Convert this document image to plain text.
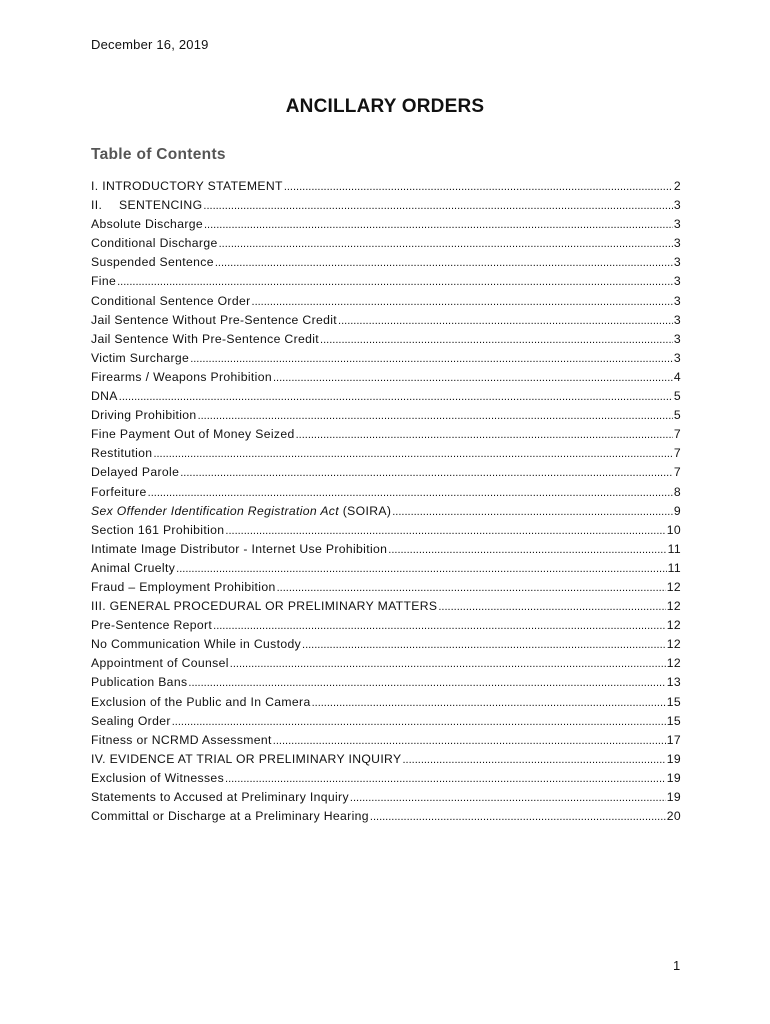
December 16, 2019
ANCILLARY ORDERS
Table of Contents
I. INTRODUCTORY STATEMENT .....	2
II. SENTENCING .....	3
Absolute Discharge .....	3
Conditional Discharge .....	3
Suspended Sentence .....	3
Fine .....	3
Conditional Sentence Order .....	3
Jail Sentence Without Pre-Sentence Credit .....	3
Jail Sentence With Pre-Sentence Credit .....	3
Victim Surcharge .....	3
Firearms / Weapons Prohibition .....	4
DNA .....	5
Driving Prohibition .....	5
Fine Payment Out of Money Seized .....	7
Restitution .....	7
Delayed Parole .....	7
Forfeiture .....	8
Sex Offender Identification Registration Act (SOIRA) .....	9
Section 161 Prohibition .....	10
Intimate Image Distributor - Internet Use Prohibition .....	11
Animal Cruelty .....	11
Fraud – Employment Prohibition .....	12
III. GENERAL PROCEDURAL OR PRELIMINARY MATTERS .....	12
Pre-Sentence Report .....	12
No Communication While in Custody .....	12
Appointment of Counsel .....	12
Publication Bans .....	13
Exclusion of the Public and In Camera .....	15
Sealing Order .....	15
Fitness or NCRMD Assessment .....	17
IV. EVIDENCE AT TRIAL OR PRELIMINARY INQUIRY .....	19
Exclusion of Witnesses .....	19
Statements to Accused at Preliminary Inquiry .....	19
Committal or Discharge at a Preliminary Hearing .....	20
1
